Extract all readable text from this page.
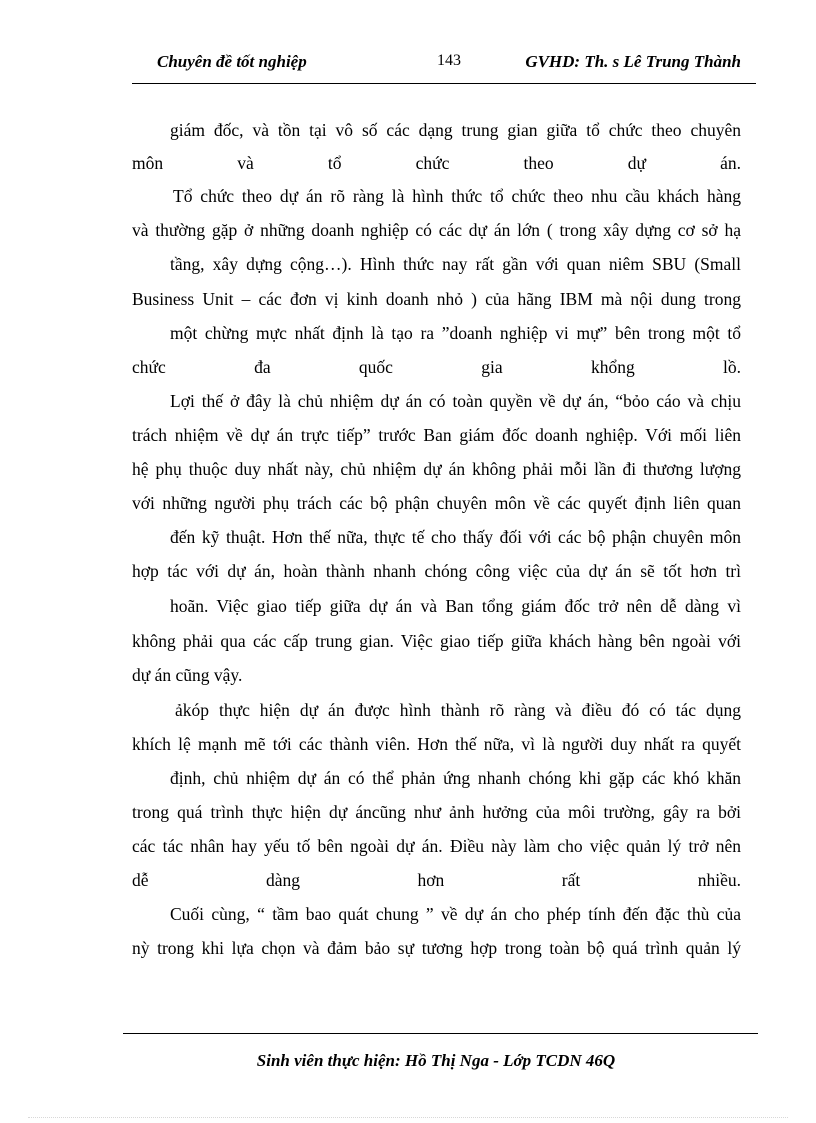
Chuyên đề tốt nghiệp	143	GVHD: Th. s Lê Trung Thành
giám đốc, và tồn tại vô số các dạng trung gian giữa tổ chức theo chuyên
môn và tổ chức theo dự án.
Tổ chức theo dự án rõ ràng là hình thức tổ chức theo nhu cầu khách hàng
và thường gặp ở những doanh nghiệp có các dự án lớn ( trong xây dựng cơ sở hạ
tầng, xây dựng cộng…). Hình thức nay rất gần với quan niêm SBU (Small
Business Unit – các đơn vị kinh doanh nhỏ ) của hãng IBM mà nội dung trong
một chừng mực nhất định là tạo ra ”doanh nghiệp vi mự” bên trong một tổ
chức đa quốc gia khổng lồ.
Lợi thế ở đây là chủ nhiệm dự án có toàn quyền về dự án, “bỏo cáo và chịu
trách nhiệm về dự án trực tiếp” trước Ban giám đốc doanh nghiệp. Với mối liên
hệ phụ thuộc duy nhất này, chủ nhiệm dự án không phải mỗi lần đi thương lượng
với những người phụ trách các bộ phận chuyên môn về các quyết định liên quan
đến kỹ thuật. Hơn thế nữa, thực tế cho thấy đối với các bộ phận chuyên môn
hợp tác với dự án, hoàn thành nhanh chóng công việc của dự án sẽ tốt hơn trì
hoãn. Việc giao tiếp giữa dự án và Ban tổng giám đốc trở nên dễ dàng vì
không phải qua các cấp trung gian. Việc giao tiếp giữa khách hàng bên ngoài với
dự án cũng vậy.
ảkóp thực hiện dự án được hình thành rõ ràng và điều đó có tác dụng
khích lệ mạnh mẽ tới các thành viên. Hơn thế nữa, vì là người duy nhất ra quyết
định, chủ nhiệm dự án có thể phản ứng nhanh chóng khi gặp các khó khăn
trong quá trình thực hiện dự áncũng như ảnh hưởng của môi trường, gây ra bởi
các tác nhân hay yếu tố bên ngoài dự án. Điều này làm cho việc quản lý trở nên
dễ dàng hơn rất nhiều.
Cuối cùng, “ tầm bao quát chung ” về dự án cho phép tính đến đặc thù của
nỳ trong khi lựa chọn và đảm bảo sự tương hợp trong toàn bộ quá trình quản lý
Sinh viên thực hiện: Hồ Thị Nga - Lớp TCDN 46Q
